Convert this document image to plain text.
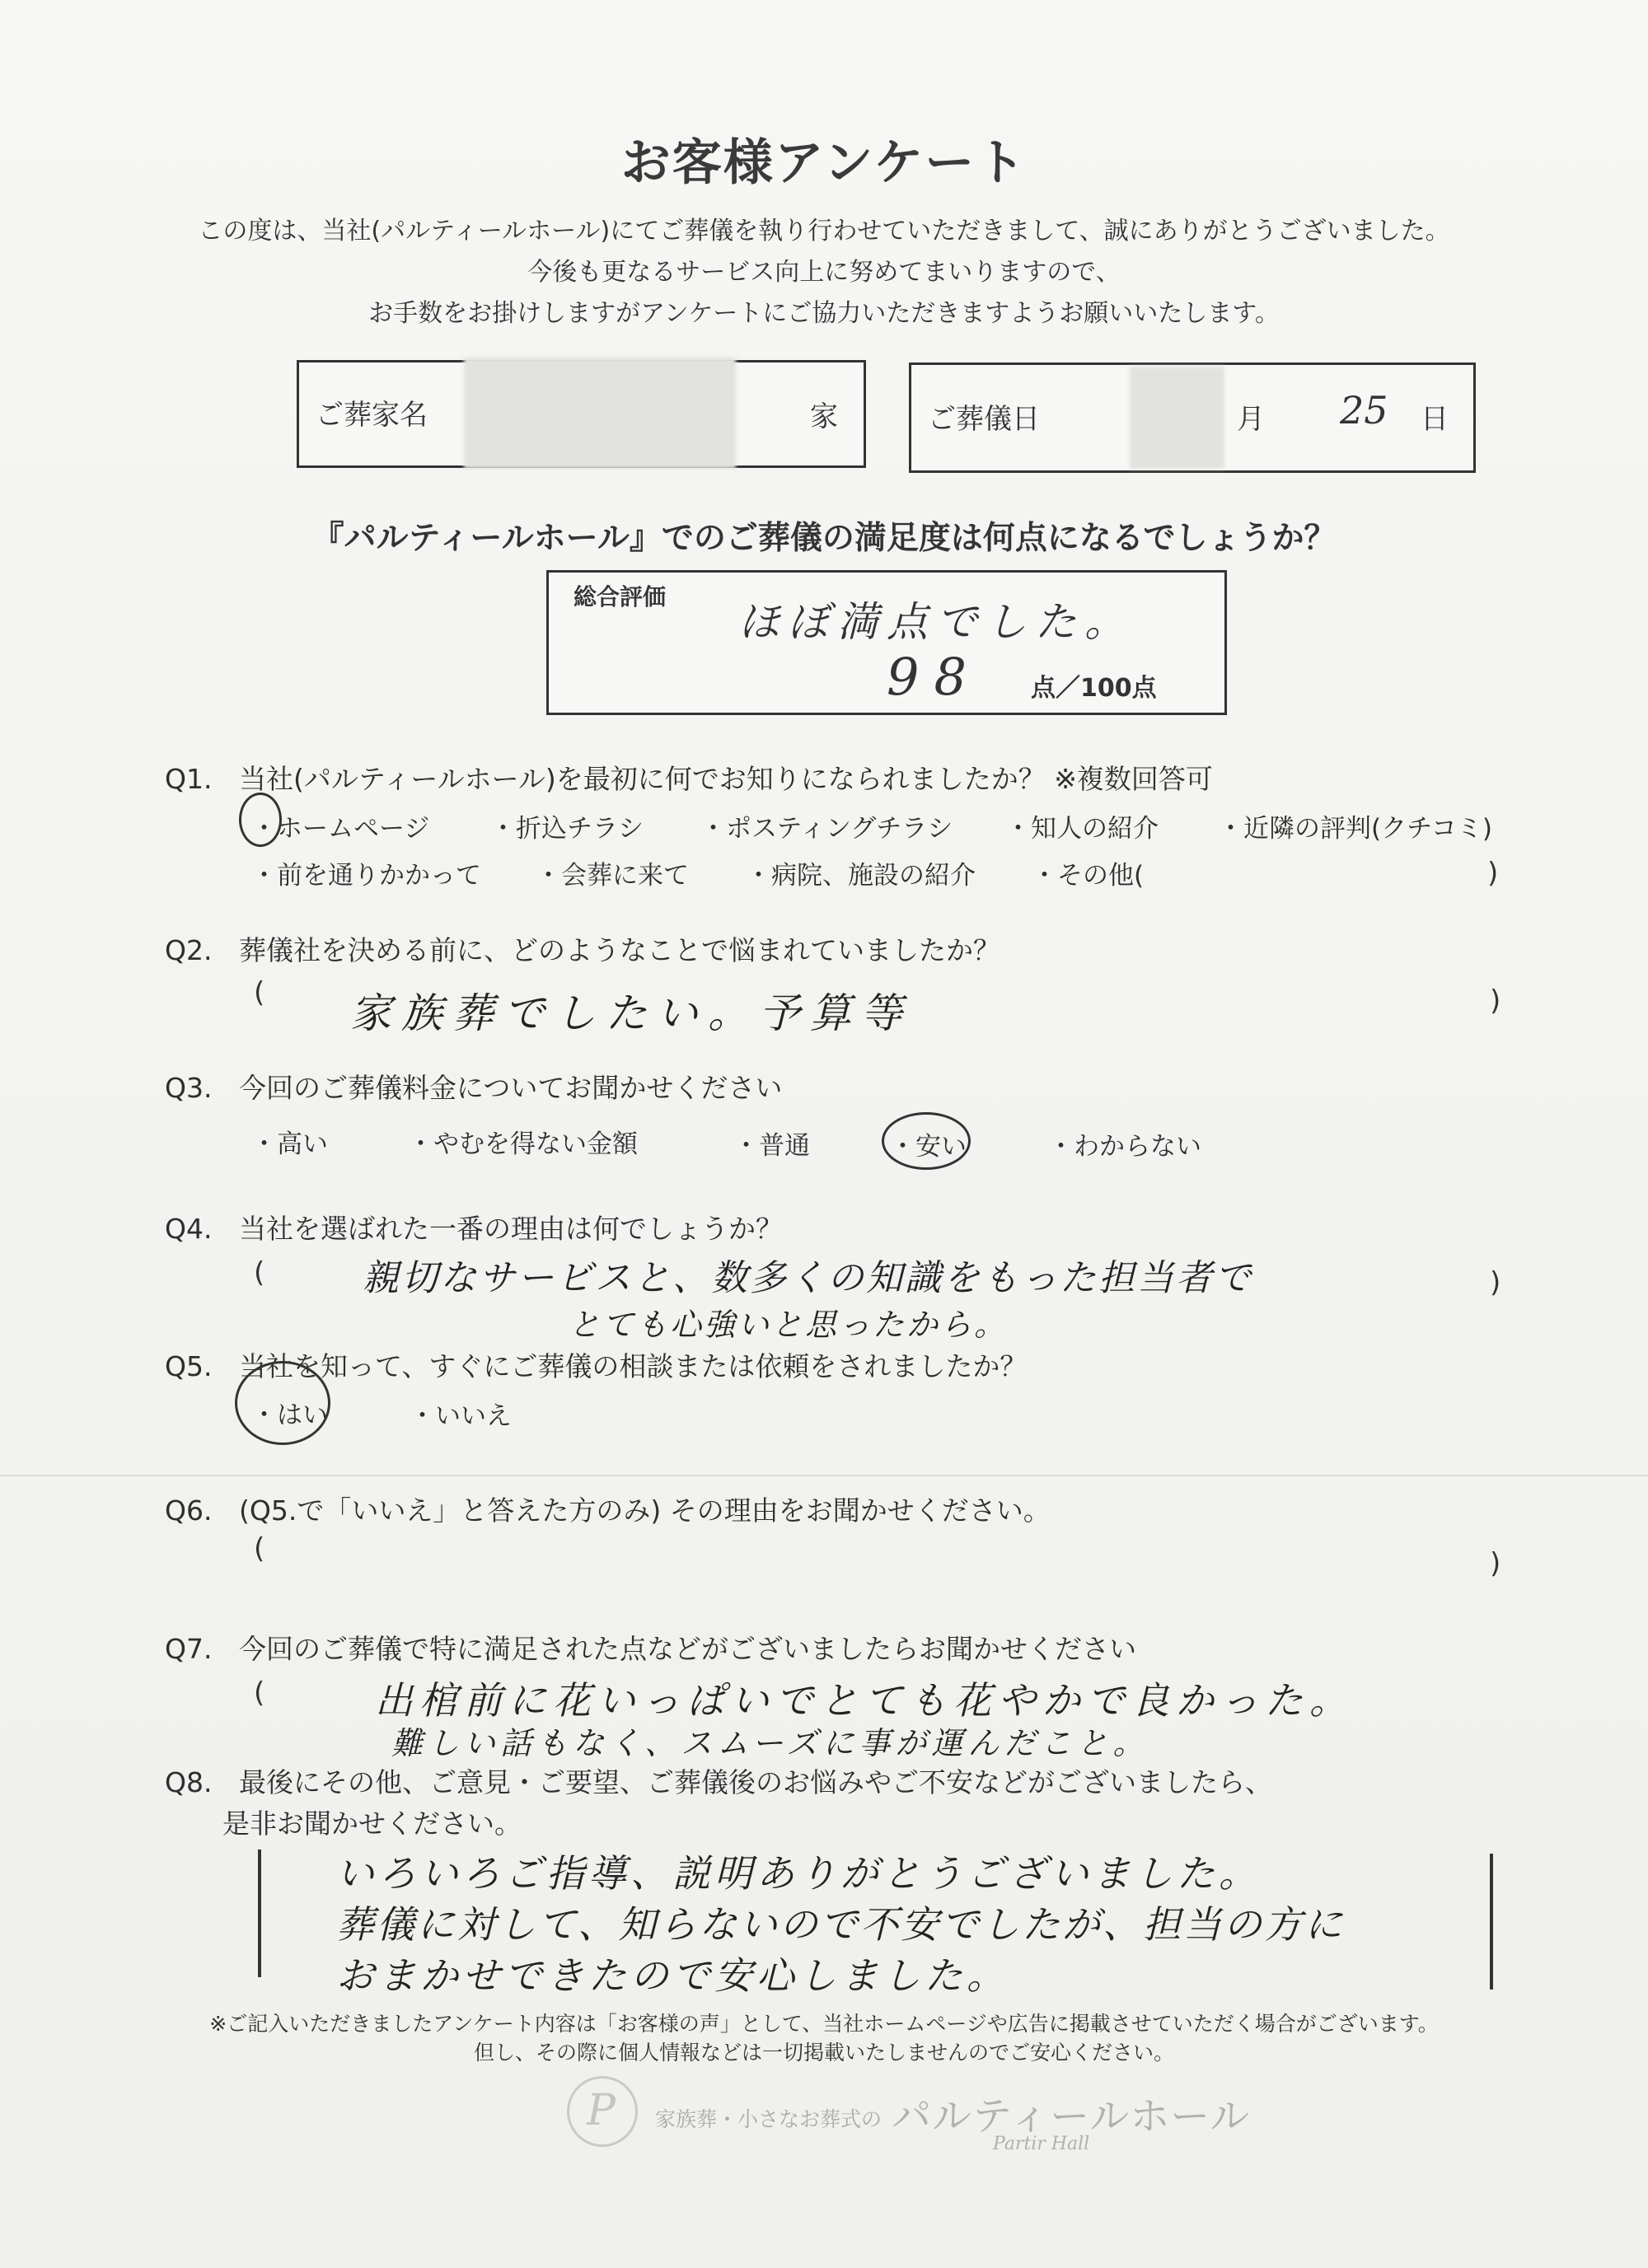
お客様アンケート
この度は、当社(パルティールホール)にてご葬儀を執り行わせていただきまして、誠にありがとうございました。
今後も更なるサービス向上に努めてまいりますので、
お手数をお掛けしますがアンケートにご協力いただきますようお願いいたします。
ご葬家名	家	ご葬儀日	月 25 日
『パルティールホール』でのご葬儀の満足度は何点になるでしょうか？
総合評価
ほぼ満点でした。
98 点／100点
Q1. 当社(パルティールホール)を最初に何でお知りになられましたか？ ※複数回答可
・ホームページ ・折込チラシ ・ポスティングチラシ ・知人の紹介 ・近隣の評判(クチコミ)
・前を通りかかって ・会葬に来て ・病院、施設の紹介 ・その他(	)
Q2. 葬儀社を決める前に、どのようなことで悩まれていましたか？
( 家族葬でしたい。予算等	)
Q3. 今回のご葬儀料金についてお聞かせください
・高い	・やむを得ない金額	・普通	・安い	・わからない
Q4. 当社を選ばれた一番の理由は何でしょうか？
(	親切なサービスと、数多くの知識をもった担当者で
とても心強いと思ったから。
)
Q5. 当社を知って、すぐにご葬儀の相談または依頼をされましたか？
・はい	・いいえ
Q6. (Q5.で「いいえ」と答えた方のみ) その理由をお聞かせください。
(	)
Q7. 今回のご葬儀で特に満足された点などがございましたらお聞かせください
(	出棺前に花いっぱいでとても花やかで良かった。
難しい話もなく、スムーズに事が運んだこと。
Q8. 最後にその他、ご意見・ご要望、ご葬儀後のお悩みやご不安などがございましたら、
是非お聞かせください。
いろいろご指導、説明ありがとうございました。
葬儀に対して、知らないので不安でしたが、担当の方に
おまかせできたので安心しました。
※ご記入いただきましたアンケート内容は「お客様の声」として、当社ホームページや広告に掲載させていただく場合がございます。
但し、その際に個人情報などは一切掲載いたしませんのでご安心ください。
P 家族葬・小さなお葬式の パルティールホール
Partir Hall
